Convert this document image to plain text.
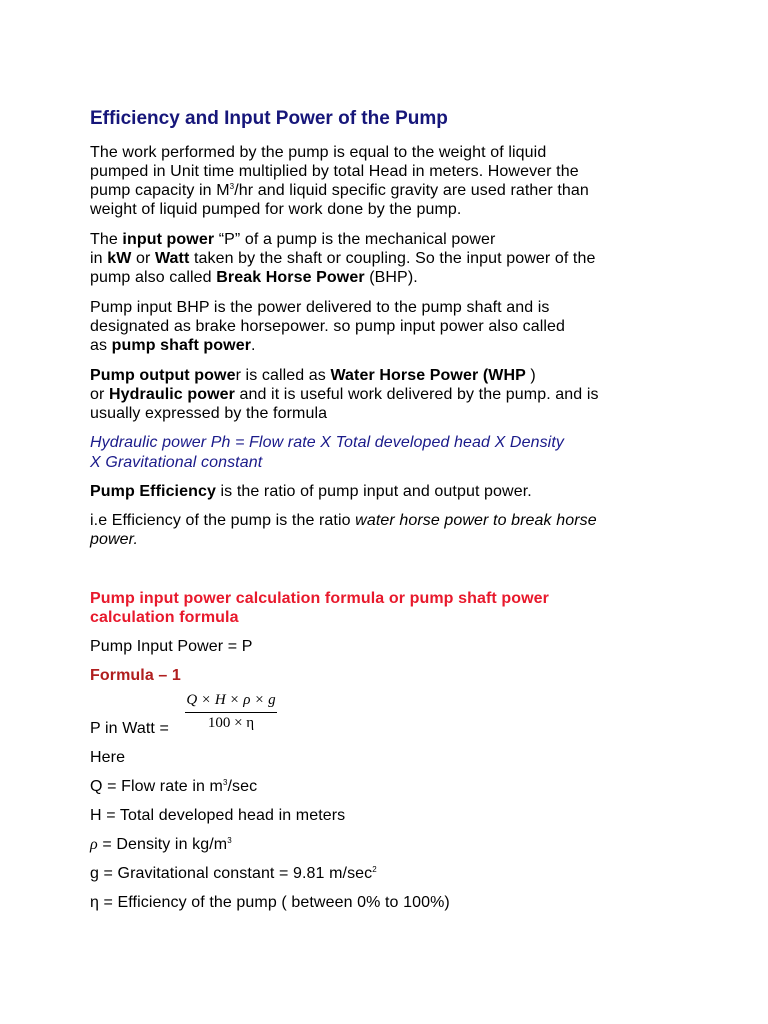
Efficiency and Input Power of the Pump
The work performed by the pump is equal to the weight of liquid
pumped in Unit time multiplied by total Head in meters. However the
pump capacity in $M^3/hr$ and liquid specific gravity are used rather than
weight of liquid pumped for work done by the pump.
The input power “P” of a pump is the mechanical power
in kW or Watt taken by the shaft or coupling. So the input power of the
pump also called Break Horse Power (BHP).
Pump input BHP is the power delivered to the pump shaft and is
designated as brake horsepower. so pump input power also called
as pump shaft power.
Pump output power is called as Water Horse Power (WHP )
or Hydraulic power and it is useful work delivered by the pump. and is
usually expressed by the formula
Hydraulic power Ph = Flow rate X Total developed head X Density
X Gravitational constant
Pump Efficiency is the ratio of pump input and output power.
i.e Efficiency of the pump is the ratio water horse power to break horse
power.
Pump input power calculation formula or pump shaft power
calculation formula
Pump Input Power = P
Formula – 1
Q × H × ρ × g
100 × η
P in Watt =
Here
Q = Flow rate in $m^3/\sec$
H = Total developed head in meters
ρ = Density in $kg/m^3$
g = Gravitational constant = 9.81 $m/\sec^2$
η = Efficiency of the pump ( between 0% to 100%)
